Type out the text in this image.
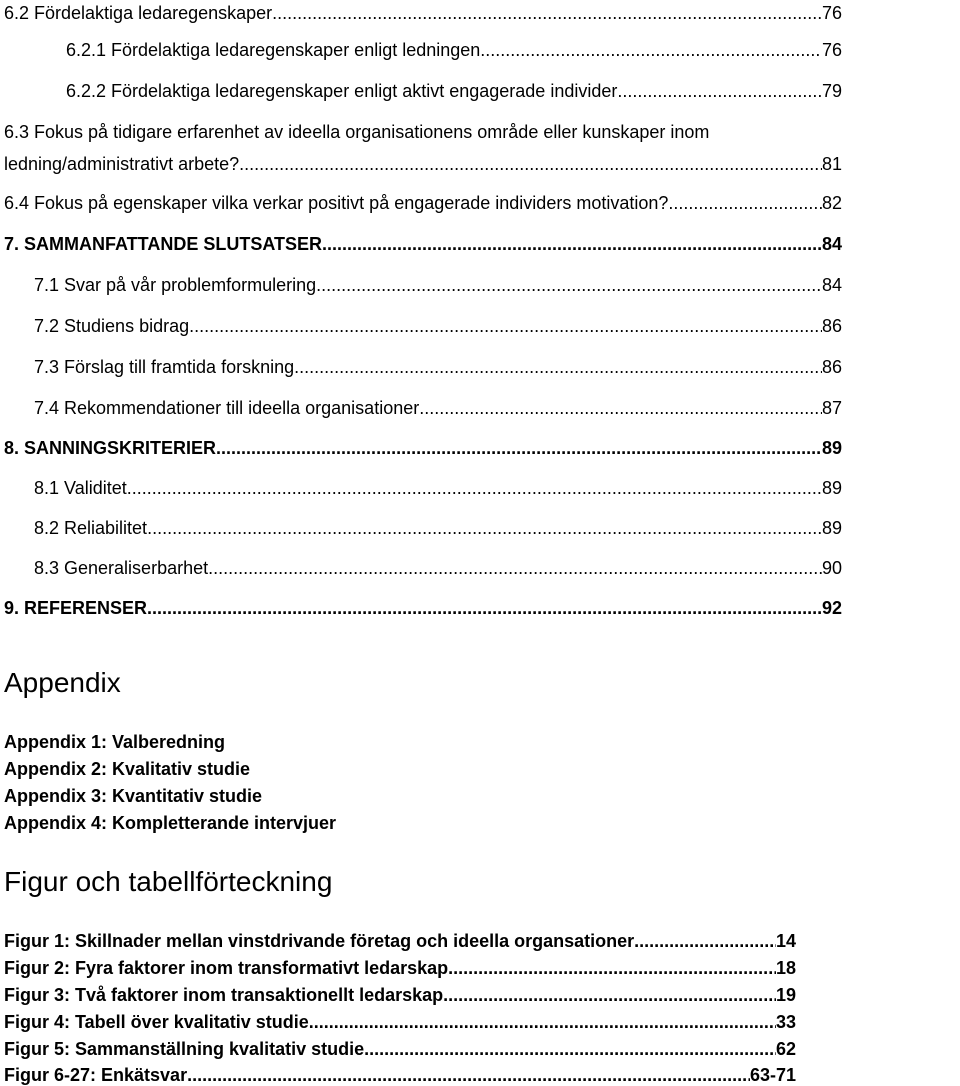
6.2 Fördelaktiga ledaregenskaper .....	76
6.2.1 Fördelaktiga ledaregenskaper enligt ledningen .....	76
6.2.2 Fördelaktiga ledaregenskaper enligt aktivt engagerade individer .....	79
6.3 Fokus på tidigare erfarenhet av ideella organisationens område eller kunskaper inom
ledning/administrativt arbete? .....	81
6.4 Fokus på egenskaper vilka verkar positivt på engagerade individers motivation? .....	82
7. SAMMANFATTANDE SLUTSATSER .....	84
7.1 Svar på vår problemformulering .....	84
7.2 Studiens bidrag .....	86
7.3 Förslag till framtida forskning .....	86
7.4 Rekommendationer till ideella organisationer .....	87
8. SANNINGSKRITERIER .....	89
8.1 Validitet .....	89
8.2 Reliabilitet .....	89
8.3 Generaliserbarhet .....	90
9. REFERENSER .....	92
Appendix
Appendix 1: Valberedning
Appendix 2: Kvalitativ studie
Appendix 3: Kvantitativ studie
Appendix 4: Kompletterande intervjuer
Figur och tabellförteckning
Figur 1: Skillnader mellan vinstdrivande företag och ideella organsationer .....	14
Figur 2: Fyra faktorer inom transformativt ledarskap .....	18
Figur 3: Två faktorer inom transaktionellt ledarskap .....	19
Figur 4: Tabell över kvalitativ studie .....	33
Figur 5: Sammanställning kvalitativ studie .....	62
Figur 6-27: Enkätsvar .....	63-71
